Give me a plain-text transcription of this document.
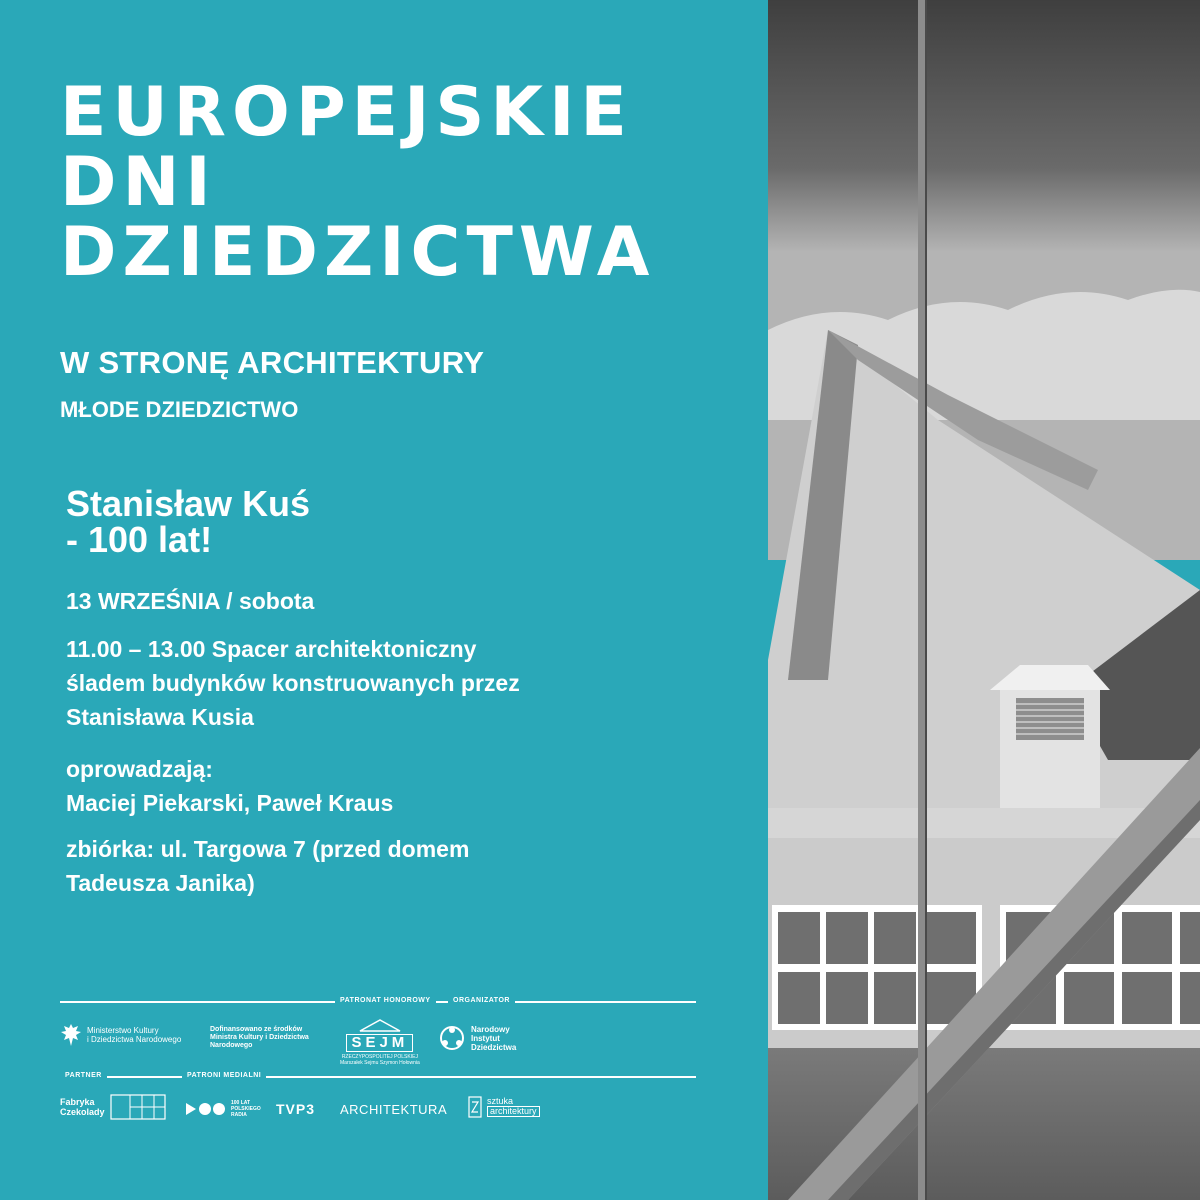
EUROPEJSKIE
DNI
DZIEDZICTWA
W STRONĘ ARCHITEKTURY
MŁODE DZIEDZICTWO
Stanisław Kuś
- 100 lat!
13 WRZEŚNIA / sobota
11.00 – 13.00 Spacer architektoniczny
śladem budynków konstruowanych przez
Stanisława Kusia
oprowadzają:
Maciej Piekarski, Paweł Kraus
zbiórka: ul. Targowa 7 (przed domem
Tadeusza Janika)
PATRONAT HONOROWY	ORGANIZATOR
PARTNER	PATRONI MEDIALNI
Ministerstwo Kultury
i Dziedzictwa Narodowego
Dofinansowano ze środków
Ministra Kultury i Dziedzictwa
Narodowego	SEJM
RZECZYPOSPOLITEJ POLSKIEJ
Marszałek Sejmu Szymon Hołownia
Narodowy
Instytut
Dziedzictwa
Fabryka
Czekolady
100 LAT
POLSKIEGO
RADIA	TVP3 ARCHITEKTURA
sztuka
architektury
